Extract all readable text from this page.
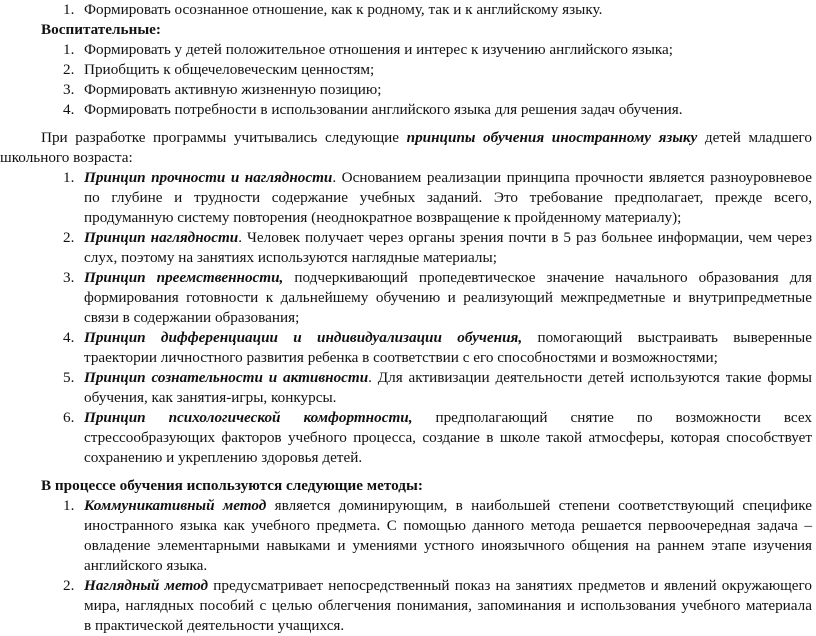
1. Формировать осознанное отношение, как к родному, так и к английскому языку.
Воспитательные:
1. Формировать у детей положительное отношения и интерес к изучению английского языка;
2. Приобщить к общечеловеческим ценностям;
3. Формировать активную жизненную позицию;
4. Формировать потребности в использовании английского языка для решения задач обучения.
При разработке программы учитывались следующие принципы обучения иностранному языку детей младшего
школьного возраста:
1. Принцип прочности и наглядности. Основанием реализации принципа прочности является разноуровневое
по глубине и трудности содержание учебных заданий. Это требование предполагает, прежде всего,
продуманную систему повторения (неоднократное возвращение к пройденному материалу);
2. Принцип наглядности. Человек получает через органы зрения почти в 5 раз больнее информации, чем через
слух, поэтому на занятиях используются наглядные материалы;
3. Принцип преемственности, подчеркивающий пропедевтическое значение начального образования для
формирования готовности к дальнейшему обучению и реализующий межпредметные и внутрипредметные
связи в содержании образования;
4. Принцип дифференциации и индивидуализации обучения, помогающий выстраивать выверенные
траектории личностного развития ребенка в соответствии с его способностями и возможностями;
5. Принцип сознательности и активности. Для активизации деятельности детей используются такие формы
обучения, как занятия-игры, конкурсы.
6. Принцип психологической комфортности, предполагающий снятие по возможности всех
стрессообразующих факторов учебного процесса, создание в школе такой атмосферы, которая способствует
сохранению и укреплению здоровья детей.
В процессе обучения используются следующие методы:
1. Коммуникативный метод является доминирующим, в наибольшей степени соответствующий специфике
иностранного языка как учебного предмета. С помощью данного метода решается первоочередная задача –
овладение элементарными навыками и умениями устного иноязычного общения на раннем этапе изучения
английского языка.
2. Наглядный метод предусматривает непосредственный показ на занятиях предметов и явлений окружающего
мира, наглядных пособий с целью облегчения понимания, запоминания и использования учебного материала
в практической деятельности учащихся.
